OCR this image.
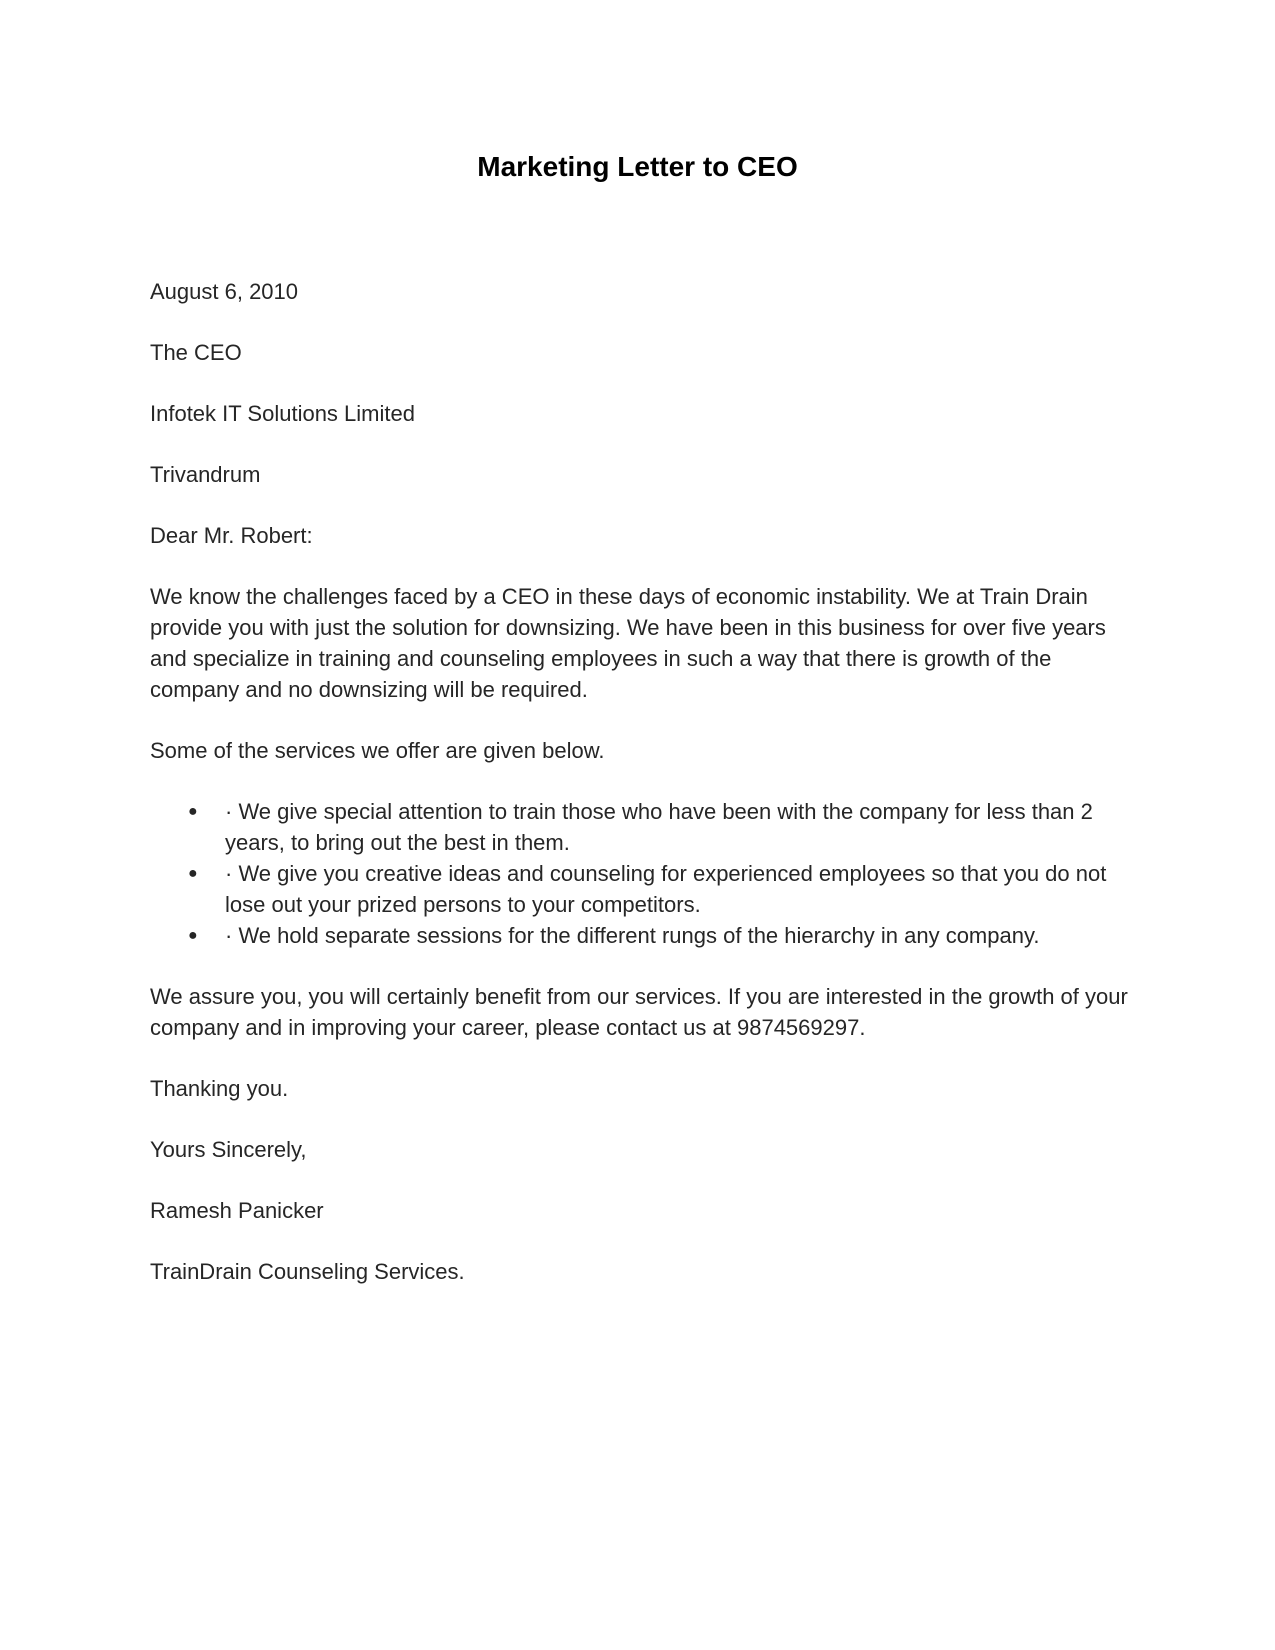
Marketing Letter to CEO

August 6, 2010

The CEO

Infotek IT Solutions Limited

Trivandrum

Dear Mr. Robert:

We know the challenges faced by a CEO in these days of economic instability. We at Train Drain provide you with just the solution for downsizing. We have been in this business for over five years and specialize in training and counseling employees in such a way that there is growth of the company and no downsizing will be required.

Some of the services we offer are given below.

● · We give special attention to train those who have been with the company for less than 2 years, to bring out the best in them.
● · We give you creative ideas and counseling for experienced employees so that you do not lose out your prized persons to your competitors.
● · We hold separate sessions for the different rungs of the hierarchy in any company.

We assure you, you will certainly benefit from our services. If you are interested in the growth of your company and in improving your career, please contact us at 9874569297.

Thanking you.

Yours Sincerely,

Ramesh Panicker

TrainDrain Counseling Services.
